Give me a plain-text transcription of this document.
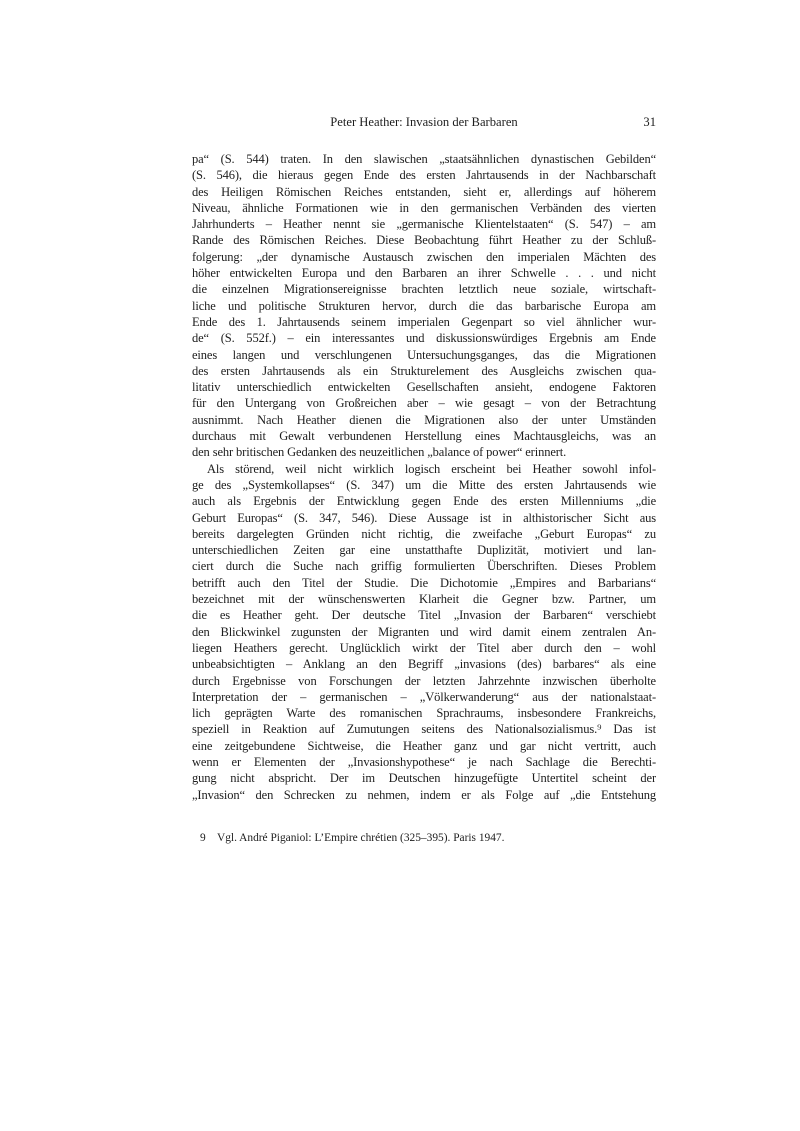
Peter Heather: Invasion der Barbaren	31
pa“ (S. 544) traten. In den slawischen „staatsähnlichen dynastischen Gebilden“
(S. 546), die hieraus gegen Ende des ersten Jahrtausends in der Nachbarschaft
des Heiligen Römischen Reiches entstanden, sieht er, allerdings auf höherem
Niveau, ähnliche Formationen wie in den germanischen Verbänden des vierten
Jahrhunderts – Heather nennt sie „germanische Klientelstaaten“ (S. 547) – am
Rande des Römischen Reiches. Diese Beobachtung führt Heather zu der Schluß-
folgerung: „der dynamische Austausch zwischen den imperialen Mächten des
höher entwickelten Europa und den Barbaren an ihrer Schwelle . . . und nicht
die einzelnen Migrationsereignisse brachten letztlich neue soziale, wirtschaft-
liche und politische Strukturen hervor, durch die das barbarische Europa am
Ende des 1. Jahrtausends seinem imperialen Gegenpart so viel ähnlicher wur-
de“ (S. 552f.) – ein interessantes und diskussionswürdiges Ergebnis am Ende
eines langen und verschlungenen Untersuchungsganges, das die Migrationen
des ersten Jahrtausends als ein Strukturelement des Ausgleichs zwischen qua-
litativ unterschiedlich entwickelten Gesellschaften ansieht, endogene Faktoren
für den Untergang von Großreichen aber – wie gesagt – von der Betrachtung
ausnimmt. Nach Heather dienen die Migrationen also der unter Umständen
durchaus mit Gewalt verbundenen Herstellung eines Machtausgleichs, was an
den sehr britischen Gedanken des neuzeitlichen „balance of power“ erinnert.
Als störend, weil nicht wirklich logisch erscheint bei Heather sowohl infol-
ge des „Systemkollapses“ (S. 347) um die Mitte des ersten Jahrtausends wie
auch als Ergebnis der Entwicklung gegen Ende des ersten Millenniums „die
Geburt Europas“ (S. 347, 546). Diese Aussage ist in althistorischer Sicht aus
bereits dargelegten Gründen nicht richtig, die zweifache „Geburt Europas“ zu
unterschiedlichen Zeiten gar eine unstatthafte Duplizität, motiviert und lan-
ciert durch die Suche nach griffig formulierten Überschriften. Dieses Problem
betrifft auch den Titel der Studie. Die Dichotomie „Empires and Barbarians“
bezeichnet mit der wünschenswerten Klarheit die Gegner bzw. Partner, um
die es Heather geht. Der deutsche Titel „Invasion der Barbaren“ verschiebt
den Blickwinkel zugunsten der Migranten und wird damit einem zentralen An-
liegen Heathers gerecht. Unglücklich wirkt der Titel aber durch den – wohl
unbeabsichtigten – Anklang an den Begriff „invasions (des) barbares“ als eine
durch Ergebnisse von Forschungen der letzten Jahrzehnte inzwischen überholte
Interpretation der – germanischen – „Völkerwanderung“ aus der nationalstaat-
lich geprägten Warte des romanischen Sprachraums, insbesondere Frankreichs,
speziell in Reaktion auf Zumutungen seitens des Nationalsozialismus.⁹ Das ist
eine zeitgebundene Sichtweise, die Heather ganz und gar nicht vertritt, auch
wenn er Elementen der „Invasionshypothese“ je nach Sachlage die Berechti-
gung nicht abspricht. Der im Deutschen hinzugefügte Untertitel scheint der
„Invasion“ den Schrecken zu nehmen, indem er als Folge auf „die Entstehung
9 Vgl. André Piganiol: L’Empire chrétien (325–395). Paris 1947.
